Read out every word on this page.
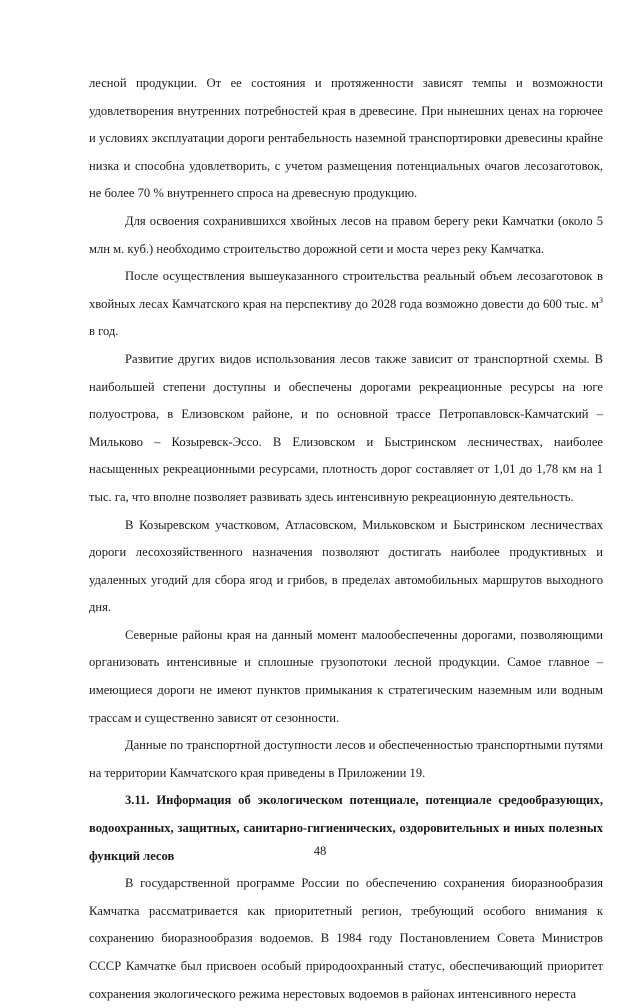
лесной продукции. От ее состояния и протяженности зависят темпы и возможности удовлетворения внутренних потребностей края в древесине. При нынешних ценах на горючее и условиях эксплуатации дороги рентабельность наземной транспортировки древесины крайне низка и способна удовлетворить, с учетом размещения потенциальных очагов лесозаготовок, не более 70 % внутреннего спроса на древесную продукцию.

Для освоения сохранившихся хвойных лесов на правом берегу реки Камчатки (около 5 млн м. куб.) необходимо строительство дорожной сети и моста через реку Камчатка.

После осуществления вышеуказанного строительства реальный объем лесозаготовок в хвойных лесах Камчатского края на перспективу до 2028 года возможно довести до 600 тыс. $м^3$ в год.

Развитие других видов использования лесов также зависит от транспортной схемы. В наибольшей степени доступны и обеспечены дорогами рекреационные ресурсы на юге полуострова, в Елизовском районе, и по основной трассе Петропавловск-Камчатский – Мильково – Козыревск-Эссо. В Елизовском и Быстринском лесничествах, наиболее насыщенных рекреационными ресурсами, плотность дорог составляет от 1,01 до 1,78 км на 1 тыс. га, что вполне позволяет развивать здесь интенсивную рекреационную деятельность.

В Козыревском участковом, Атласовском, Мильковском и Быстринском лесничествах дороги лесохозяйственного назначения позволяют достигать наиболее продуктивных и удаленных угодий для сбора ягод и грибов, в пределах автомобильных маршрутов выходного дня.

Северные районы края на данный момент малообеспеченны дорогами, позволяющими организовать интенсивные и сплошные грузопотоки лесной продукции. Самое главное – имеющиеся дороги не имеют пунктов примыкания к стратегическим наземным или водным трассам и существенно зависят от сезонности.

Данные по транспортной доступности лесов и обеспеченностью транспортными путями на территории Камчатского края приведены в Приложении 19.

3.11. Информация об экологическом потенциале, потенциале средообразующих, водоохранных, защитных, санитарно-гигиенических, оздоровительных и иных полезных функций лесов

В государственной программе России по обеспечению сохранения биоразнообразия Камчатка рассматривается как приоритетный регион, требующий особого внимания к сохранению биоразнообразия водоемов. В 1984 году Постановлением Совета Министров СССР Камчатке был присвоен особый природоохранный статус, обеспечивающий приоритет сохранения экологического режима нерестовых водоемов в районах интенсивного нереста

48
